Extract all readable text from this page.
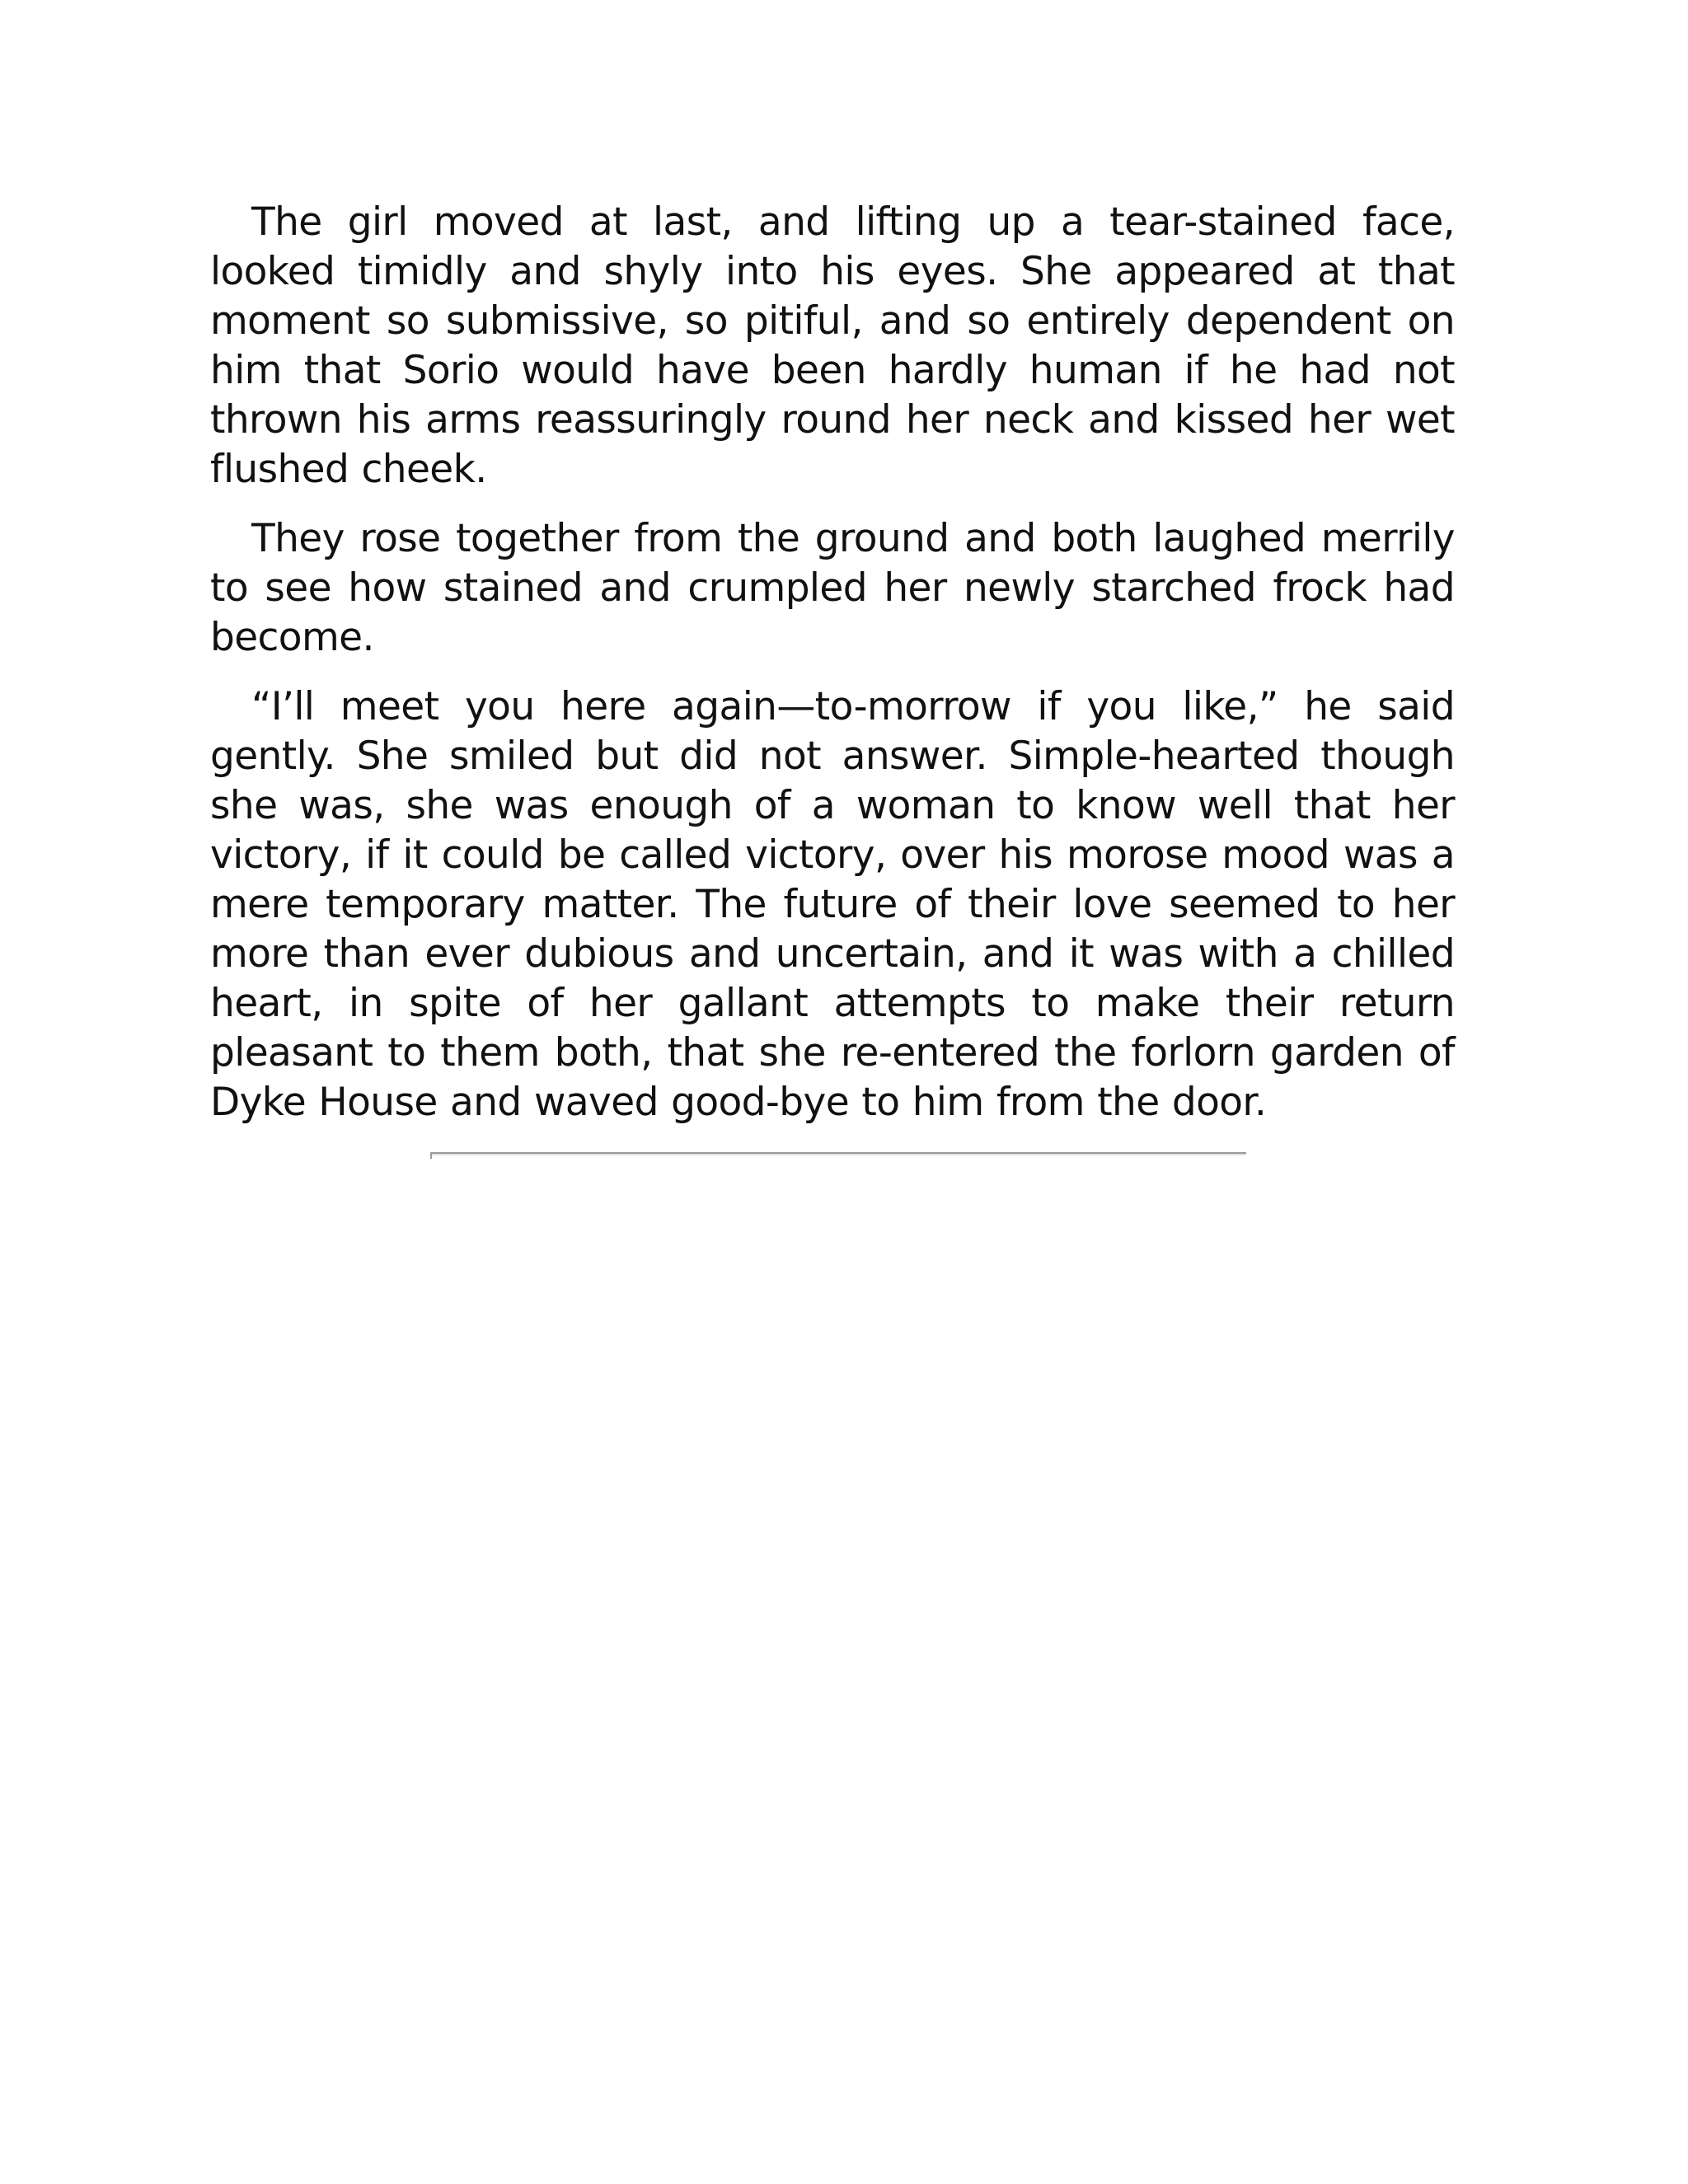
The girl moved at last, and lifting up a tear-stained face, looked timidly and shyly into his eyes. She appeared at that moment so submissive, so pitiful, and so entirely dependent on him that Sorio would have been hardly human if he had not thrown his arms reassuringly round her neck and kissed her wet flushed cheek.

They rose together from the ground and both laughed merrily to see how stained and crumpled her newly starched frock had become.

“I’ll meet you here again—to-morrow if you like,” he said gently. She smiled but did not answer. Simple-hearted though she was, she was enough of a woman to know well that her victory, if it could be called victory, over his morose mood was a mere temporary matter. The future of their love seemed to her more than ever dubious and uncertain, and it was with a chilled heart, in spite of her gallant attempts to make their return pleasant to them both, that she re-entered the forlorn garden of Dyke House and waved good-bye to him from the door.
